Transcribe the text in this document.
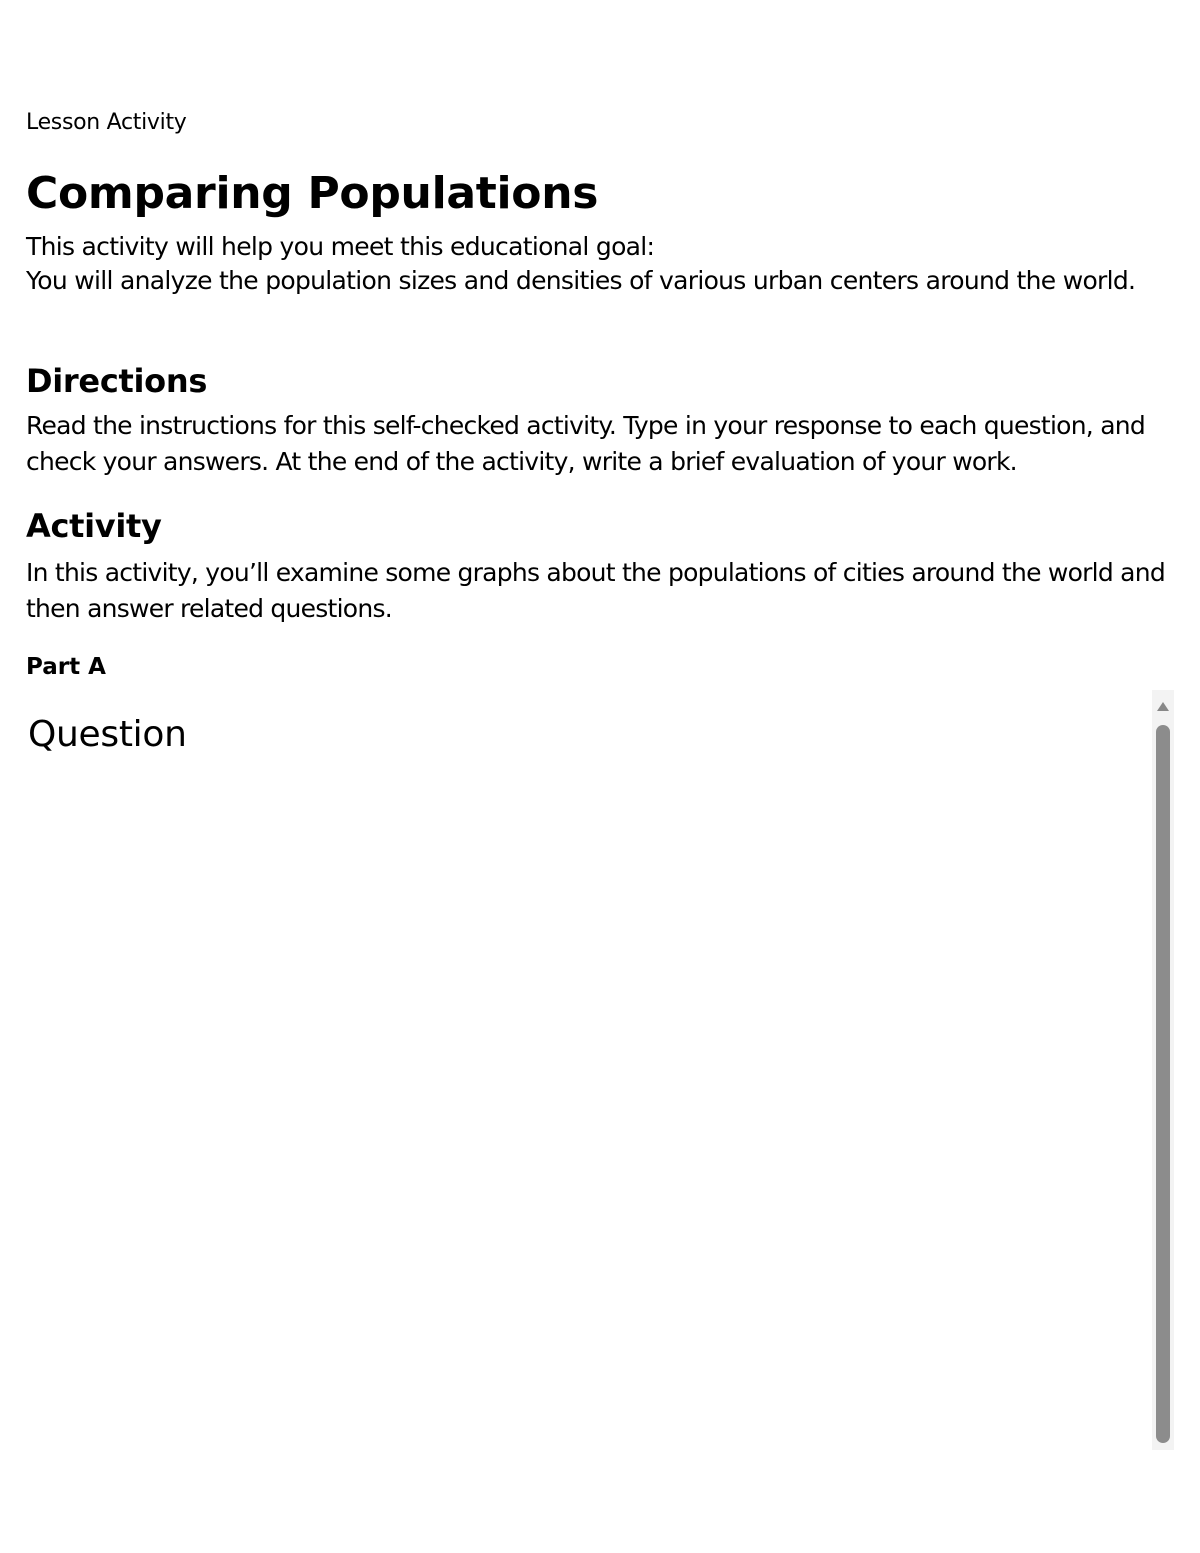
Lesson Activity
Comparing Populations
This activity will help you meet this educational goal:
You will analyze the population sizes and densities of various urban centers around the world.
Directions
Read the instructions for this self-checked activity. Type in your response to each question, and check your answers. At the end of the activity, write a brief evaluation of your work.
Activity
In this activity, you’ll examine some graphs about the populations of cities around the world and then answer related questions.
Part A
Question
